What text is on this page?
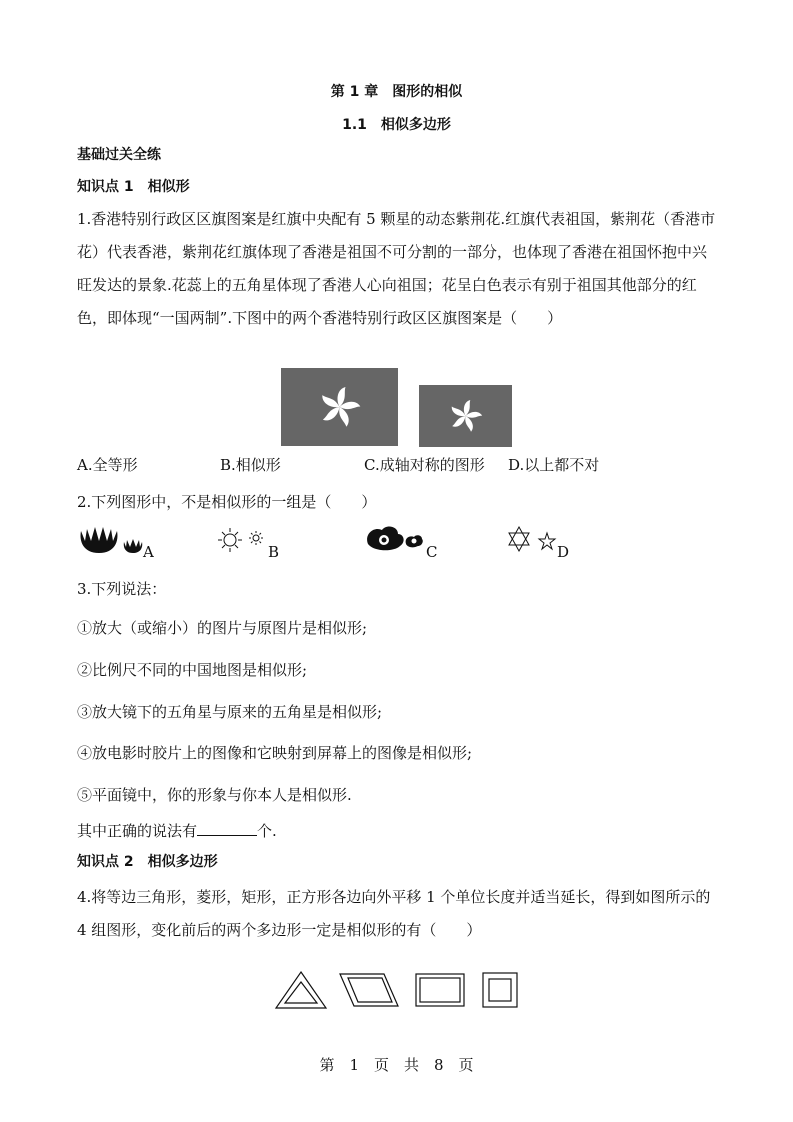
第 1 章　图形的相似
1.1　相似多边形
基础过关全练
知识点 1　相似形
1.香港特别行政区区旗图案是红旗中央配有 5 颗星的动态紫荆花.红旗代表祖国，紫荆花（香港市花）代表香港，紫荆花红旗体现了香港是祖国不可分割的一部分，也体现了香港在祖国怀抱中兴旺发达的景象.花蕊上的五角星体现了香港人心向祖国；花呈白色表示有别于祖国其他部分的红色，即体现“一国两制”.下图中的两个香港特别行政区区旗图案是（　　）
A.全等形	B.相似形	C.成轴对称的图形 D.以上都不对
2.下列图形中，不是相似形的一组是（　　）
A	B	C	D
3.下列说法：
①放大（或缩小）的图片与原图片是相似形;
②比例尺不同的中国地图是相似形;
③放大镜下的五角星与原来的五角星是相似形;
④放电影时胶片上的图像和它映射到屏幕上的图像是相似形;
⑤平面镜中，你的形象与你本人是相似形.
其中正确的说法有	个.
知识点 2　相似多边形
4.将等边三角形，菱形，矩形，正方形各边向外平移 1 个单位长度并适当延长，得到如图所示的 4 组图形，变化前后的两个多边形一定是相似形的有（　　）
第　1　页　共　8　页
